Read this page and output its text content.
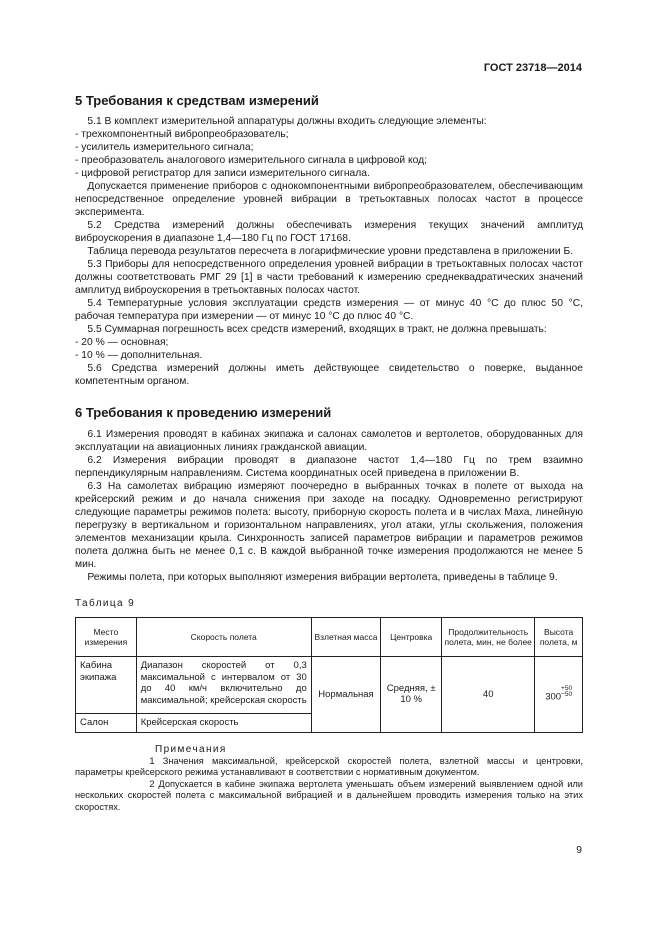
ГОСТ 23718—2014
5 Требования к средствам измерений

5.1 В комплект измерительной аппаратуры должны входить следующие элементы:

- трехкомпонентный вибропреобразователь;

- усилитель измерительного сигнала;

- преобразователь аналогового измерительного сигнала в цифровой код;

- цифровой регистратор для записи измерительного сигнала.

Допускается применение приборов с однокомпонентными вибропреобразователем, обеспечивающим непосредственное определение уровней вибрации в третьоктавных полосах частот в процессе эксперимента.

5.2 Средства измерений должны обеспечивать измерения текущих значений амплитуд виброускорения в диапазоне 1,4—180 Гц по ГОСТ 17168.

Таблица перевода результатов пересчета в логарифмические уровни представлена в приложении Б.

5.3 Приборы для непосредственного определения уровней вибрации в третьоктавных полосах частот должны соответствовать РМГ 29 [1] в части требований к измерению среднеквадратических значений амплитуд виброускорения в третьоктавных полосах частот.

5.4 Температурные условия эксплуатации средств измерения — от минус 40 °С до плюс 50 °С, рабочая температура при измерении — от минус 10 °С до плюс 40 °С.

5.5 Суммарная погрешность всех средств измерений, входящих в тракт, не должна превышать:

- 20 % — основная;

- 10 % — дополнительная.

5.6 Средства измерений должны иметь действующее свидетельство о поверке, выданное компетентным органом.

6 Требования к проведению измерений

6.1 Измерения проводят в кабинах экипажа и салонах самолетов и вертолетов, оборудованных для эксплуатации на авиационных линиях гражданской авиации.

6.2 Измерения вибрации проводят в диапазоне частот 1,4—180 Гц по трем взаимно перпендикулярным направлениям. Система координатных осей приведена в приложении В.

6.3 На самолетах вибрацию измеряют поочередно в выбранных точках в полете от выхода на крейсерский режим и до начала снижения при заходе на посадку. Одновременно регистрируют следующие параметры режимов полета: высоту, приборную скорость полета и в числах Маха, линейную перегрузку в вертикальном и горизонтальном направлениях, угол атаки, углы скольжения, положения элементов механизации крыла. Синхронность записей параметров вибрации и параметров режимов полета должна быть не менее 0,1 с. В каждой выбранной точке измерения продолжаются не менее 5 мин.

Режимы полета, при которых выполняют измерения вибрации вертолета, приведены в таблице 9.

Таблица 9
Место измерения	Скорость полета	Взлетная масса	Центровка	Продолжительность полета, мин, не более	Высота полета, м
Кабина экипажа	Диапазон скоростей от 0,3 максимальной с интервалом от 30 до 40 км/ч включительно до максимальной; крейсерская скорость	Нормальная	Средняя, ± 10 %	40	$300^{+50 -50}$
Салон	Крейсерская скорость				
Примечания

1 Значения максимальной, крейсерской скоростей полета, взлетной массы и центровки, параметры крейсерского режима устанавливают в соответствии с нормативным документом.

2 Допускается в кабине экипажа вертолета уменьшать объем измерений выявлением одной или нескольких скоростей полета с максимальной вибрацией и в дальнейшем проводить измерения только на этих скоростях.

9
